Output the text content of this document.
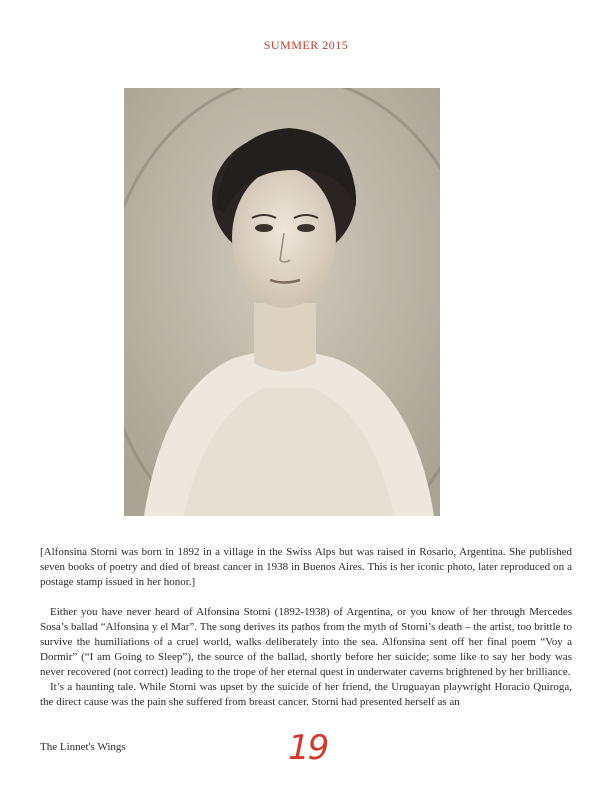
SUMMER 2015
[Alfonsina Storni was born in 1892 in a village in the Swiss Alps but was raised in Rosario, Argentina. She published seven books of poetry and died of breast cancer in 1938 in Buenos Aires. This is her iconic photo, later reproduced on a postage stamp issued in her honor.]

Either you have never heard of Alfonsina Storni (1892-1938) of Argentina, or you know of her through Mercedes Sosa’s ballad “Alfonsina y el Mar”. The song derives its pathos from the myth of Storni’s death – the artist, too brittle to survive the humiliations of a cruel world, walks deliberately into the sea. Alfonsina sent off her final poem “Voy a Dormir” (“I am Going to Sleep”), the source of the ballad, shortly before her suicide; some like to say her body was never recovered (not correct) leading to the trope of her eternal quest in underwater caverns brightened by her brilliance.

It’s a haunting tale. While Storni was upset by the suicide of her friend, the Uruguayan playwright Horacio Quiroga, the direct cause was the pain she suffered from breast cancer. Storni had presented herself as an

The Linnet's Wings	19
